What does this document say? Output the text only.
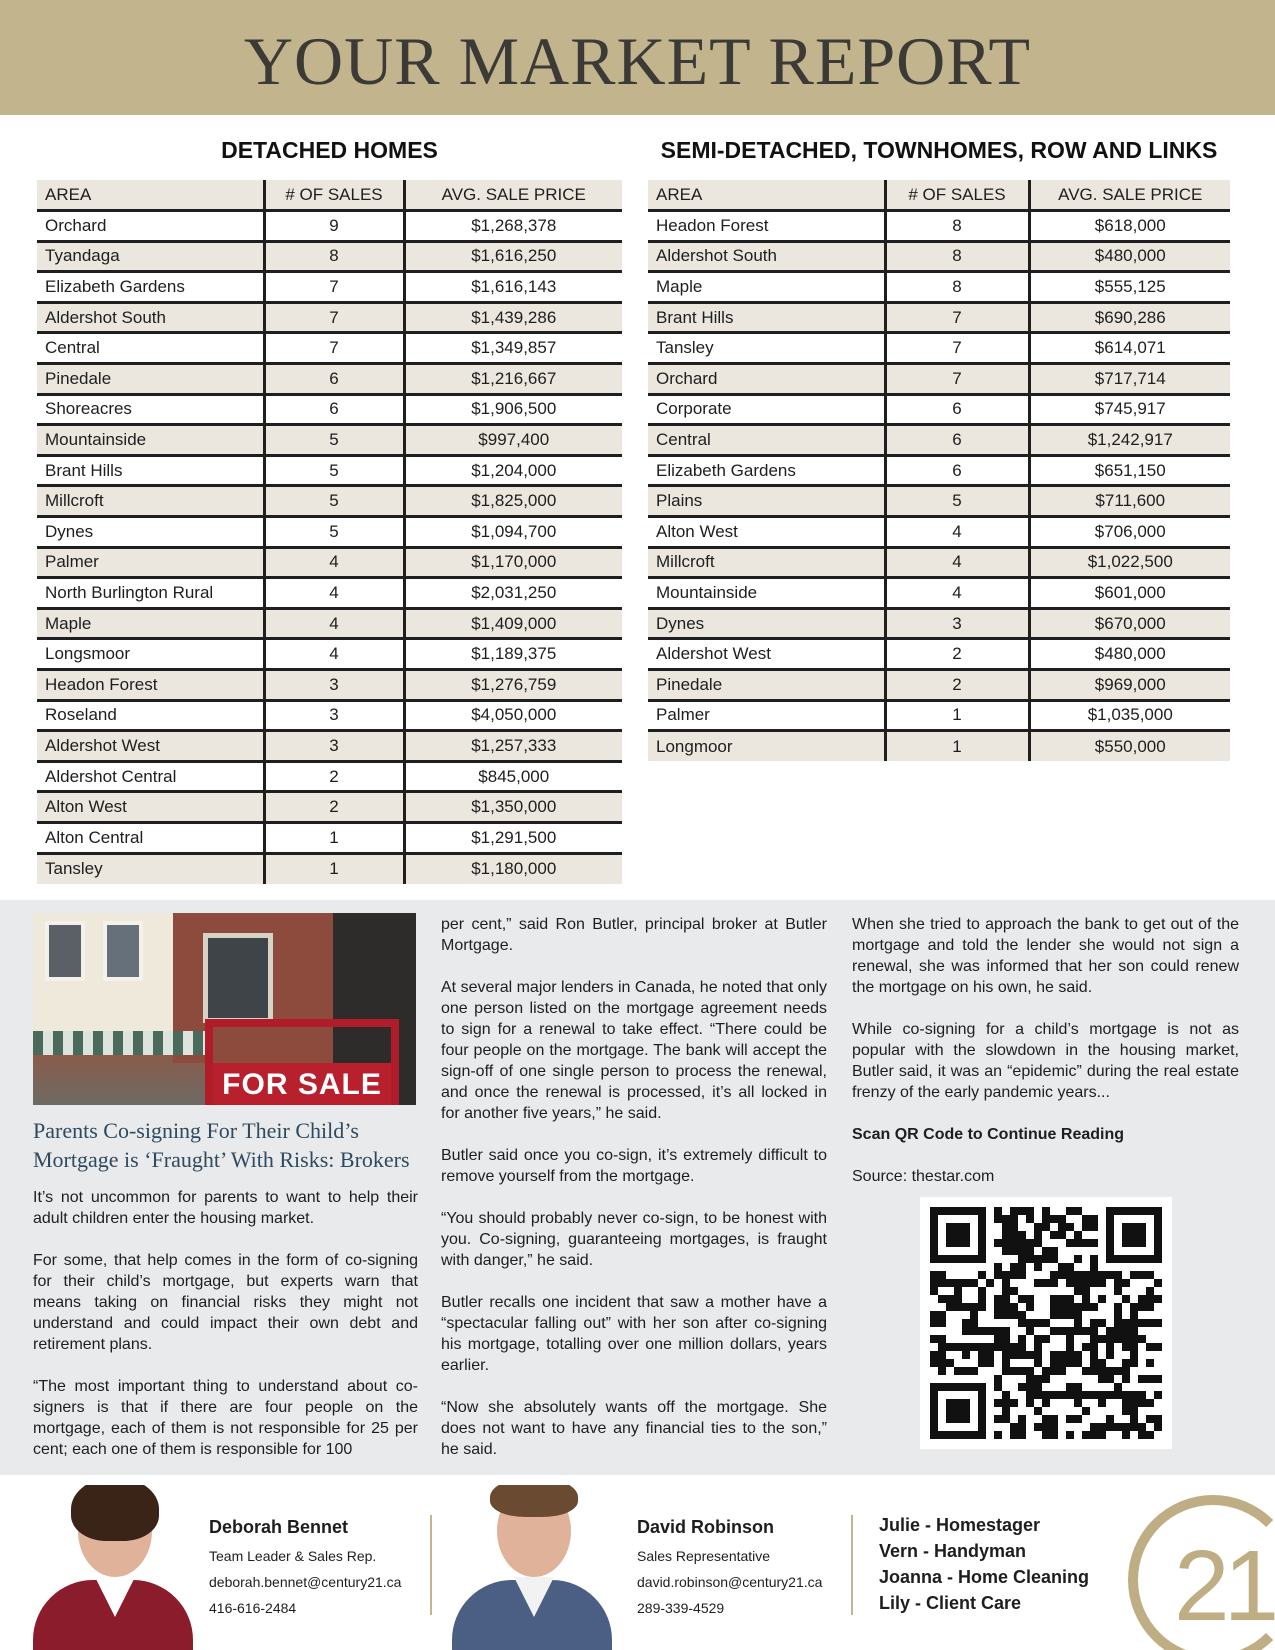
YOUR MARKET REPORT
DETACHED HOMES
AREA	# OF SALES	AVG. SALE PRICE
Orchard	9	$1,268,378
Tyandaga	8	$1,616,250
Elizabeth Gardens	7	$1,616,143
Aldershot South	7	$1,439,286
Central	7	$1,349,857
Pinedale	6	$1,216,667
Shoreacres	6	$1,906,500
Mountainside	5	$997,400
Brant Hills	5	$1,204,000
Millcroft	5	$1,825,000
Dynes	5	$1,094,700
Palmer	4	$1,170,000
North Burlington Rural	4	$2,031,250
Maple	4	$1,409,000
Longsmoor	4	$1,189,375
Headon Forest	3	$1,276,759
Roseland	3	$4,050,000
Aldershot West	3	$1,257,333
Aldershot Central	2	$845,000
Alton West	2	$1,350,000
Alton Central	1	$1,291,500
Tansley	1	$1,180,000
SEMI-DETACHED, TOWNHOMES, ROW AND LINKS
AREA	# OF SALES	AVG. SALE PRICE
Headon Forest	8	$618,000
Aldershot South	8	$480,000
Maple	8	$555,125
Brant Hills	7	$690,286
Tansley	7	$614,071
Orchard	7	$717,714
Corporate	6	$745,917
Central	6	$1,242,917
Elizabeth Gardens	6	$651,150
Plains	5	$711,600
Alton West	4	$706,000
Millcroft	4	$1,022,500
Mountainside	4	$601,000
Dynes	3	$670,000
Aldershot West	2	$480,000
Pinedale	2	$969,000
Palmer	1	$1,035,000
Longmoor	1	$550,000
FOR SALE
Parents Co-signing For Their Child’s Mortgage is ‘Fraught’ With Risks: Brokers

It’s not uncommon for parents to want to help their adult children enter the housing market.

For some, that help comes in the form of co-signing for their child’s mortgage, but experts warn that means taking on financial risks they might not understand and could impact their own debt and retirement plans.

“The most important thing to understand about co-signers is that if there are four people on the mortgage, each of them is not responsible for 25 per cent; each one of them is responsible for 100

per cent,” said Ron Butler, principal broker at Butler Mortgage.

At several major lenders in Canada, he noted that only one person listed on the mortgage agreement needs to sign for a renewal to take effect. “There could be four people on the mortgage. The bank will accept the sign-off of one single person to process the renewal, and once the renewal is processed, it’s all locked in for another five years,” he said.

Butler said once you co-sign, it’s extremely difficult to remove yourself from the mortgage.

“You should probably never co-sign, to be honest with you. Co-signing, guaranteeing mortgages, is fraught with danger,” he said.

Butler recalls one incident that saw a mother have a “spectacular falling out” with her son after co-signing his mortgage, totalling over one million dollars, years earlier.

“Now she absolutely wants off the mortgage. She does not want to have any financial ties to the son,” he said.

When she tried to approach the bank to get out of the mortgage and told the lender she would not sign a renewal, she was informed that her son could renew the mortgage on his own, he said.

While co-signing for a child’s mortgage is not as popular with the slowdown in the housing market, Butler said, it was an “epidemic” during the real estate frenzy of the early pandemic years...

Scan QR Code to Continue Reading

Source: thestar.com

Deborah Bennet
Team Leader & Sales Rep.
deborah.bennet@century21.ca
416-616-2484
David Robinson
Sales Representative
david.robinson@century21.ca
289-339-4529
Julie - Homestager
Vern - Handyman
Joanna - Home Cleaning
Lily - Client Care	21
